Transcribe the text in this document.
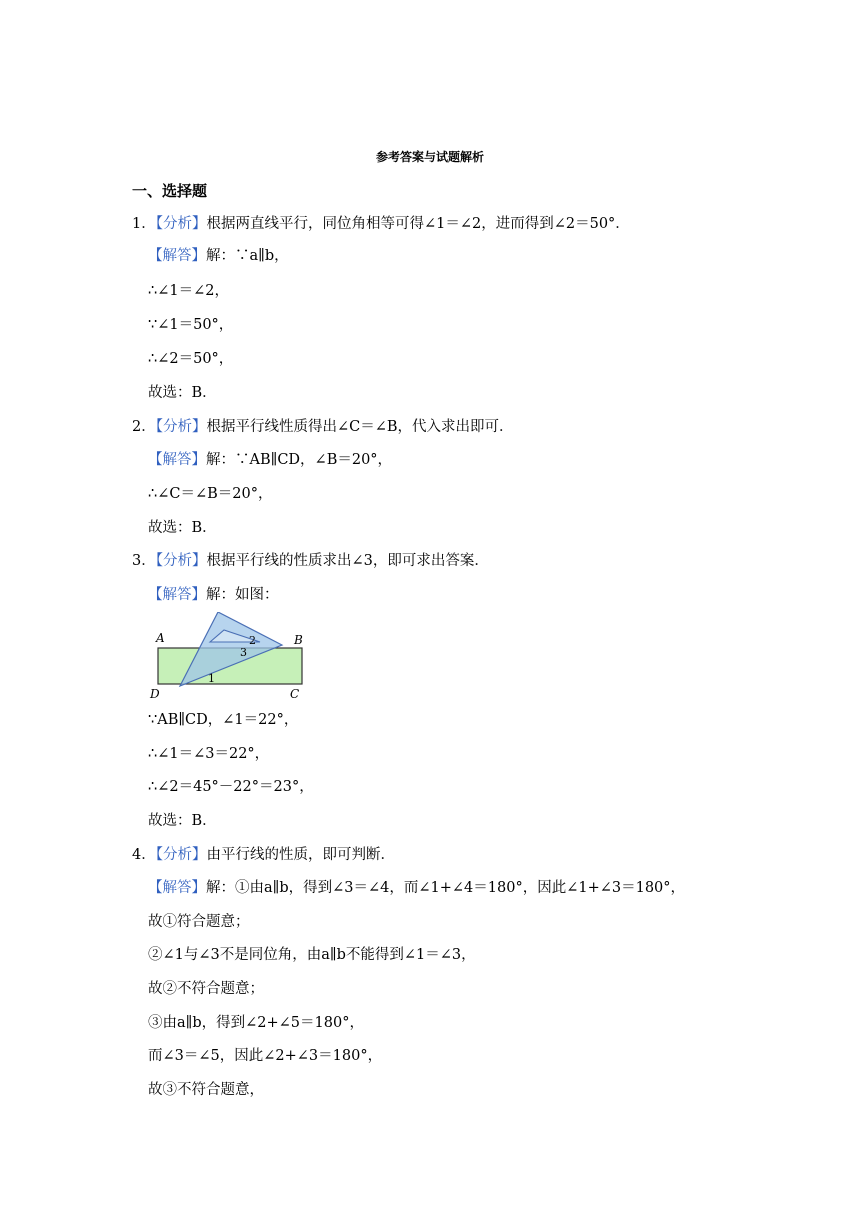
参考答案与试题解析
一、选择题
1．【分析】根据两直线平行，同位角相等可得∠1＝∠2，进而得到∠2＝50°．
【解答】解：∵a∥b，
∴∠1＝∠2，
∵∠1＝50°，
∴∠2＝50°，
故选：B．
2．【分析】根据平行线性质得出∠C＝∠B，代入求出即可．
【解答】解：∵AB∥CD，∠B＝20°，
∴∠C＝∠B＝20°，
故选：B．
3．【分析】根据平行线的性质求出∠3，即可求出答案．
【解答】解：如图：
A	B
C
D
1
2
3
∵AB∥CD，∠1＝22°，
∴∠1＝∠3＝22°，
∴∠2＝45°－22°＝23°，
故选：B．
4．【分析】由平行线的性质，即可判断．
【解答】解：①由a∥b，得到∠3＝∠4，而∠1+∠4＝180°，因此∠1+∠3＝180°，
故①符合题意；
②∠1与∠3不是同位角，由a∥b不能得到∠1＝∠3，
故②不符合题意；
③由a∥b，得到∠2+∠5＝180°，
而∠3＝∠5，因此∠2+∠3＝180°，
故③不符合题意，
